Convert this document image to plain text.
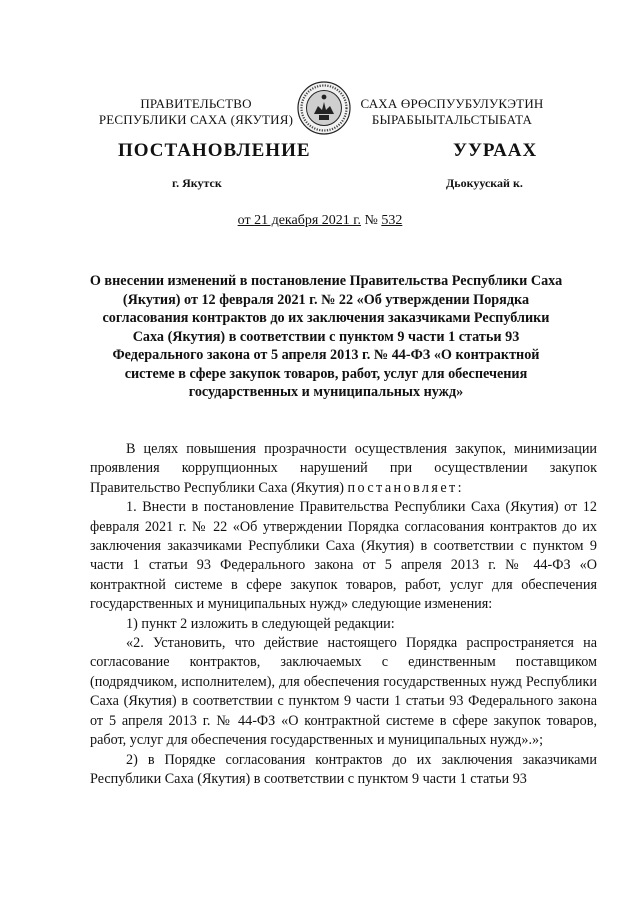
ПРАВИТЕЛЬСТВО
РЕСПУБЛИКИ САХА (ЯКУТИЯ)
САХА ӨРӨСПУУБУЛУКЭТИН
БЫРАБЫЫТАЛЬСТЫБАТА
ПОСТАНОВЛЕНИЕ	УУРААХ
г. Якутск	Дьокуускай к.
от 21 декабря 2021 г. № 532
О внесении изменений в постановление Правительства Республики Саха (Якутия) от 12 февраля 2021 г. № 22 «Об утверждении Порядка согласования контрактов до их заключения заказчиками Республики Саха (Якутия) в соответствии с пунктом 9 части 1 статьи 93 Федерального закона от 5 апреля 2013 г. № 44-ФЗ «О контрактной системе в сфере закупок товаров, работ, услуг для обеспечения государственных и муниципальных нужд»

В целях повышения прозрачности осуществления закупок, минимизации проявления коррупционных нарушений при осуществлении закупок Правительство Республики Саха (Якутия) постановляет:

1. Внести в постановление Правительства Республики Саха (Якутия) от 12 февраля 2021 г. № 22 «Об утверждении Порядка согласования контрактов до их заключения заказчиками Республики Саха (Якутия) в соответствии с пунктом 9 части 1 статьи 93 Федерального закона от 5 апреля 2013 г. № 44-ФЗ «О контрактной системе в сфере закупок товаров, работ, услуг для обеспечения государственных и муниципальных нужд» следующие изменения:

1) пункт 2 изложить в следующей редакции:

«2. Установить, что действие настоящего Порядка распространяется на согласование контрактов, заключаемых с единственным поставщиком (подрядчиком, исполнителем), для обеспечения государственных нужд Республики Саха (Якутия) в соответствии с пунктом 9 части 1 статьи 93 Федерального закона от 5 апреля 2013 г. № 44-ФЗ «О контрактной системе в сфере закупок товаров, работ, услуг для обеспечения государственных и муниципальных нужд».»;

2) в Порядке согласования контрактов до их заключения заказчиками Республики Саха (Якутия) в соответствии с пунктом 9 части 1 статьи 93
